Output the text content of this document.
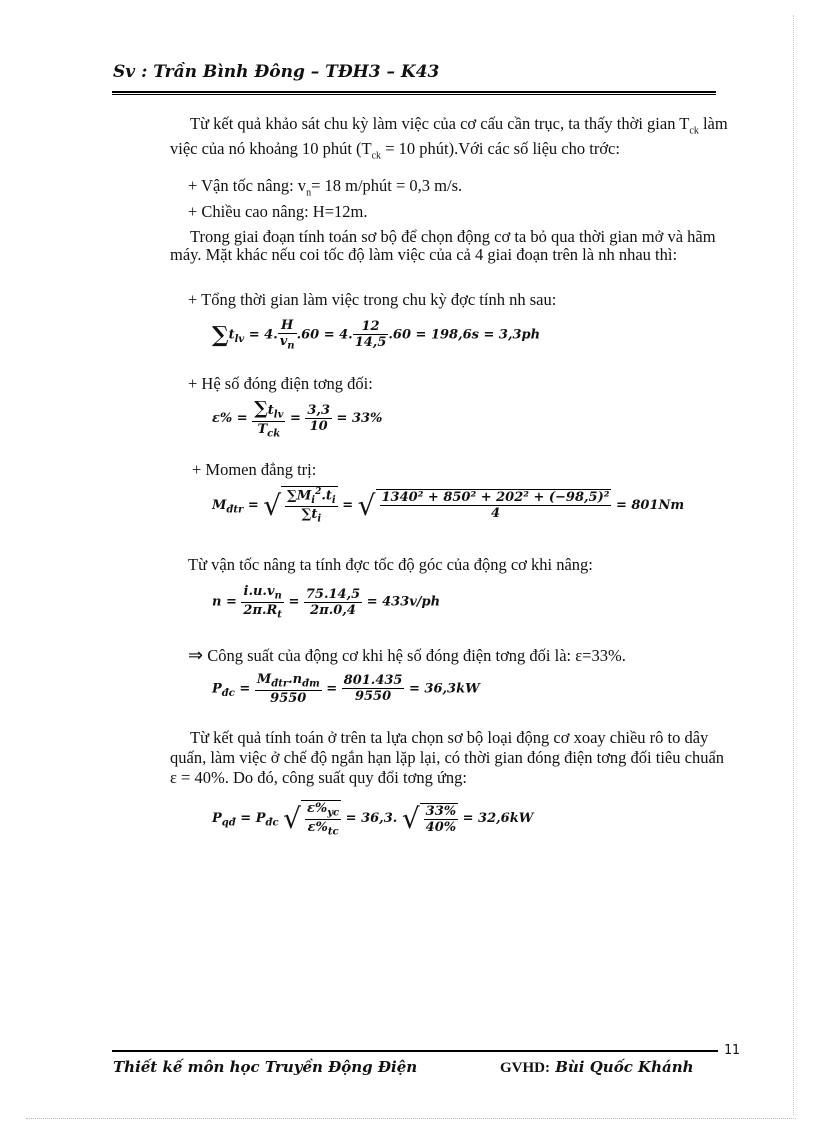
Sv : Trần Bình Đông – TĐH3 – K43
Từ kết quả khảo sát chu kỳ làm việc của cơ cấu cần trục, ta thấy thời gian $T_{ck}$ làm việc của nó khoảng 10 phút ($T_{ck} = 10$ phút).Với các số liệu cho trớc:
+ Vận tốc nâng: $v_n= 18$ m/phút = 0,3 m/s.
+ Chiều cao nâng: H=12m.
Trong giai đoạn tính toán sơ bộ để chọn động cơ ta bỏ qua thời gian mở và hãm máy. Mặt khác nếu coi tốc độ làm việc của cả 4 giai đoạn trên là nh nhau thì:
+ Tổng thời gian làm việc trong chu kỳ đợc tính nh sau:
$\sum t_{lv} = 4$. $\frac{H}{v_n} .60 = 4$. $\frac{12}{14,5} .60 = 198,6s = 3,3ph$
+ Hệ số đóng điện tơng đối:
$\varepsilon\% = \frac{\sum t_{lv}}{T_{ck}} = \frac{3,3}{10} = 33\%$
+ Momen đẳng trị:
$M_{đtr}$ = √ $\frac{\sum M_i^2.t_i}{\sum t_i}$ = √ $\frac{\text{1340² + 850² + 202² + (−98,5)²}}{4} = 801Nm$
Từ vận tốc nâng ta tính đợc tốc độ góc của động cơ khi nâng:
$n = \frac{i.u.v_n}{2\pi.R_t} = \frac{75.14,5}{2\pi.0,4} = 433v/ph$
⇒ Công suất của động cơ khi hệ số đóng điện tơng đối là: ε=33%.
$P_{đc} = \frac{M_{đtr}.n_{đm}}{9550} = \frac{801.435}{9550} = 36,3kW$
Từ kết quả tính toán ở trên ta lựa chọn sơ bộ loại động cơ xoay chiều rô to dây quấn, làm việc ở chế độ ngắn hạn lặp lại, có thời gian đóng điện tơng đối tiêu chuẩn ε = 40%. Do đó, công suất quy đổi tơng ứng:
$P_{qđ} = P_{đc}$ √ $\frac{\varepsilon\%_{yc}}{\varepsilon\%_{tc}} = 36,3$. √ $\frac{33\%}{40\%} = 32,6kW$
11
Thiết kế môn học Truyền Động Điện	GVHD: Bùi Quốc Khánh
